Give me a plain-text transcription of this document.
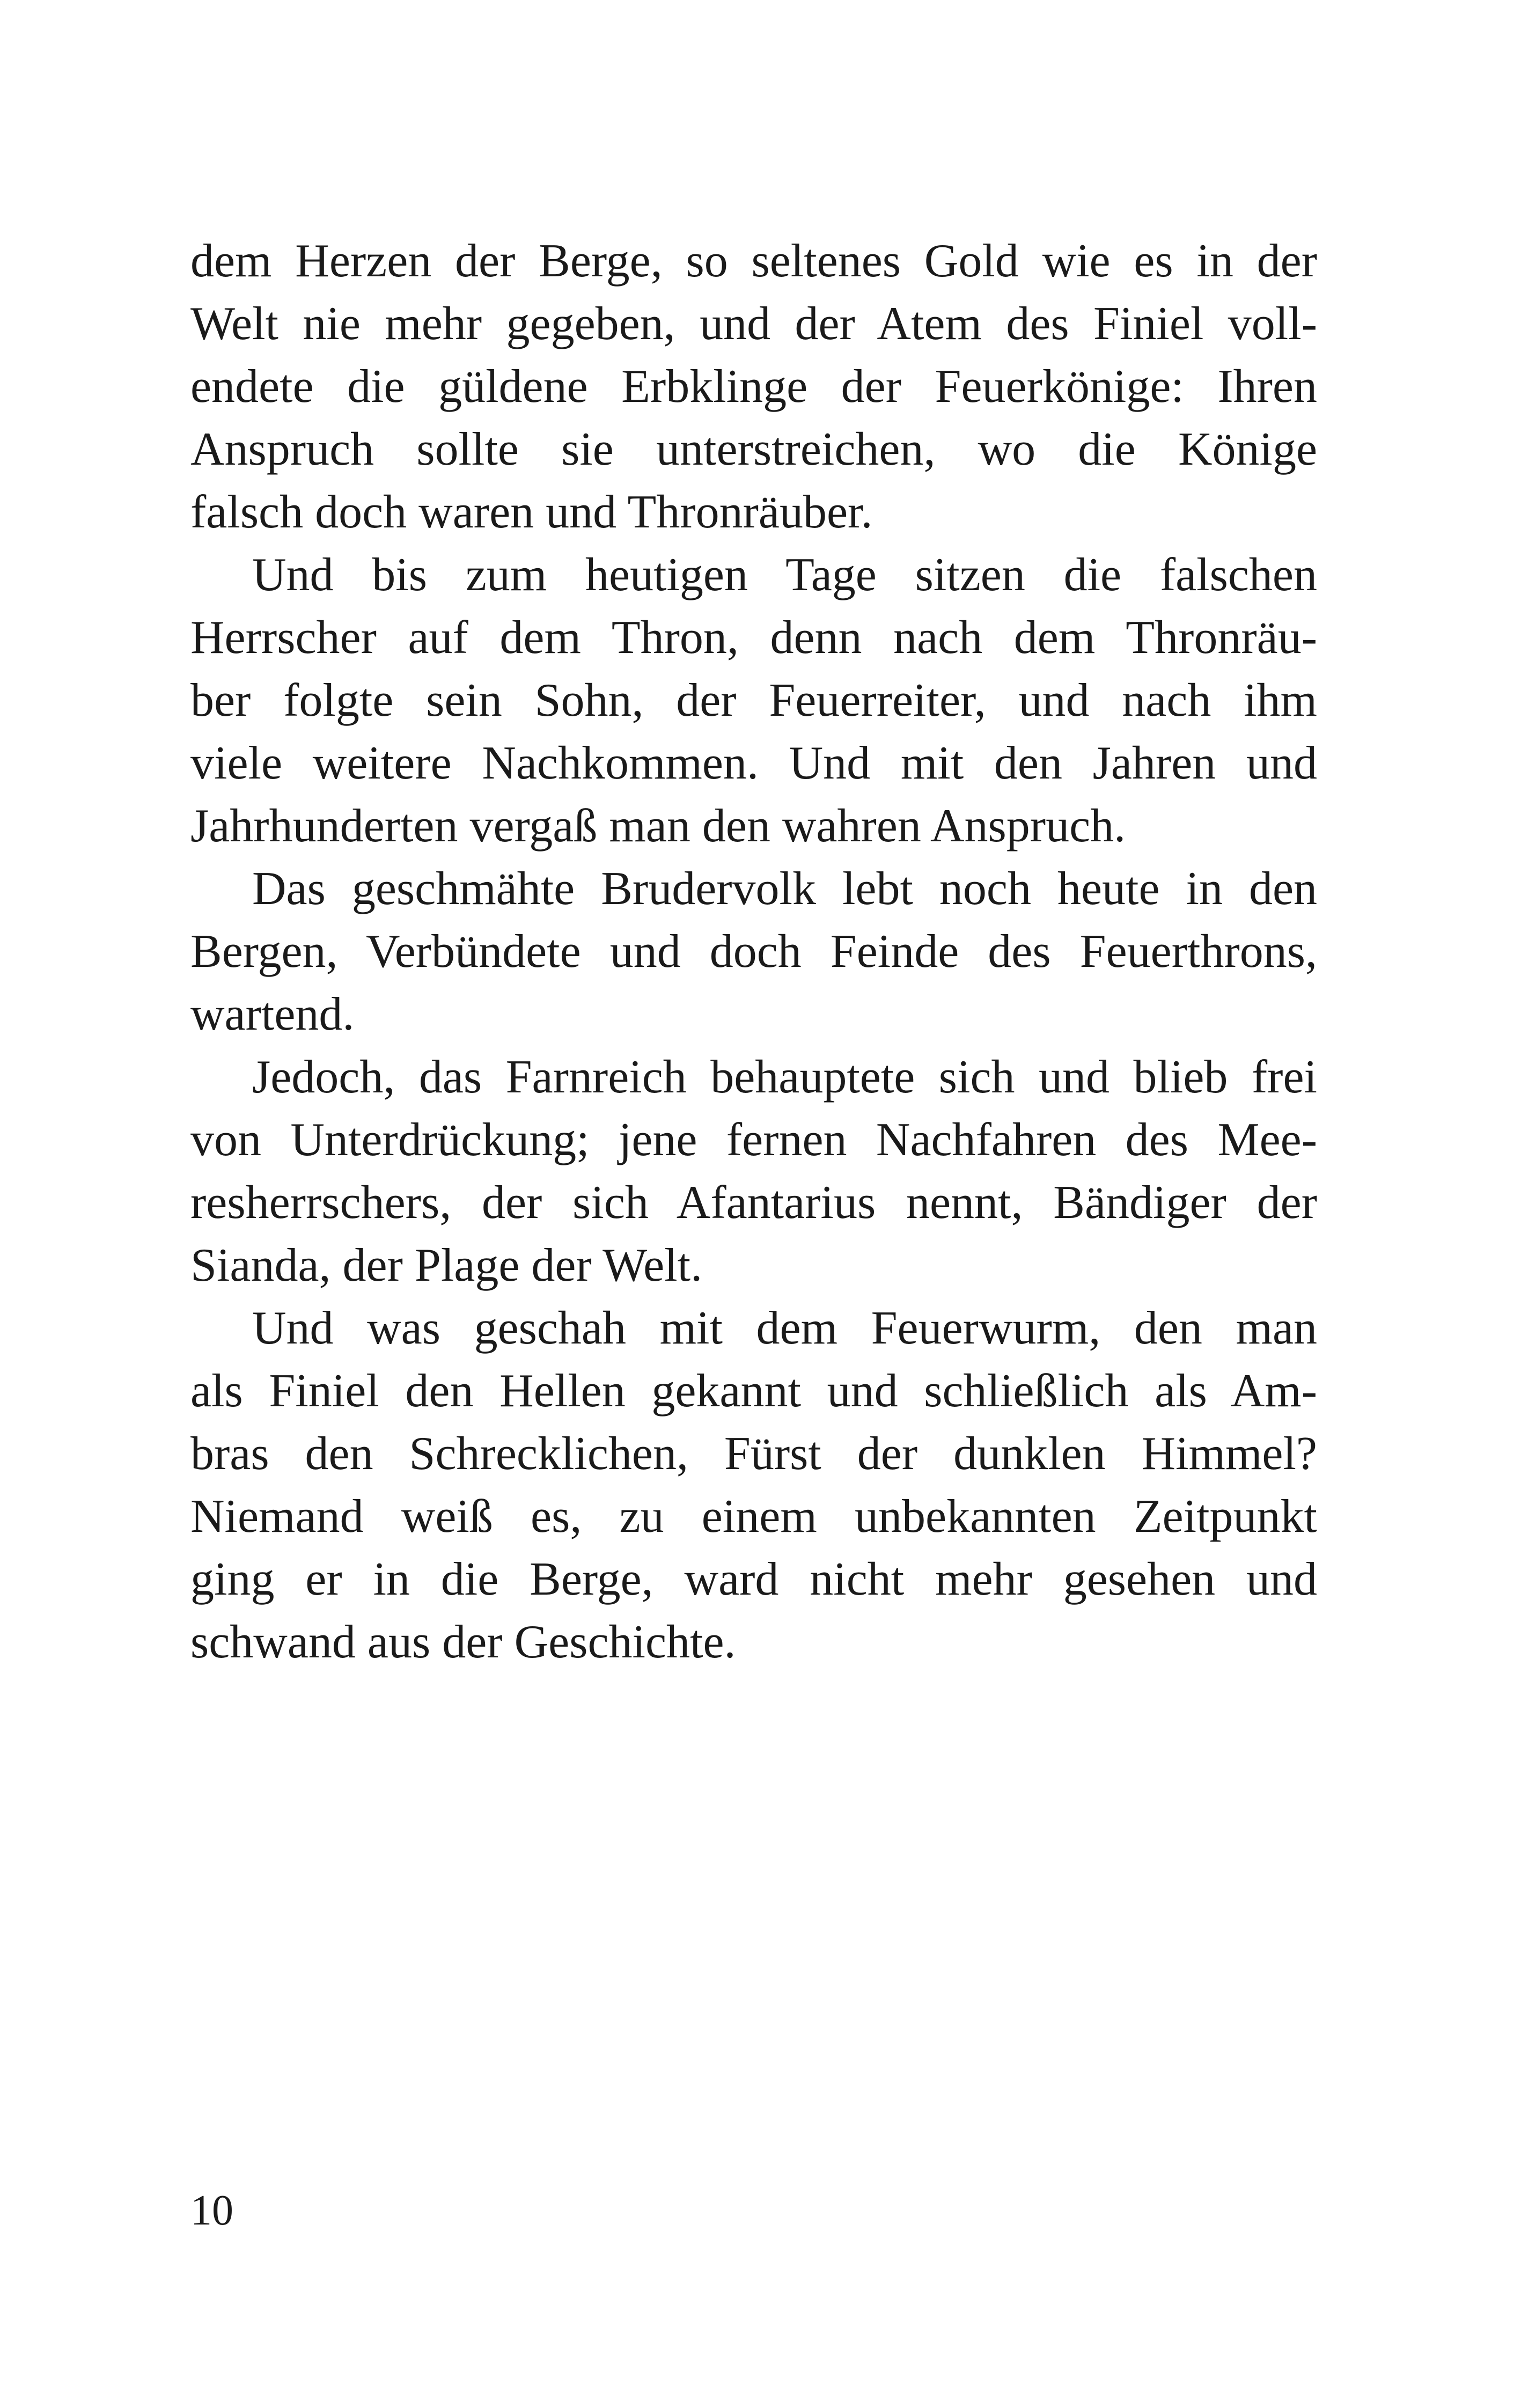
dem Herzen der Berge, so seltenes Gold wie es in der
Welt nie mehr gegeben, und der Atem des Finiel voll-
endete die güldene Erbklinge der Feuerkönige: Ihren
Anspruch sollte sie unterstreichen, wo die Könige
falsch doch waren und Thronräuber.
Und bis zum heutigen Tage sitzen die falschen
Herrscher auf dem Thron, denn nach dem Thronräu-
ber folgte sein Sohn, der Feuerreiter, und nach ihm
viele weitere Nachkommen. Und mit den Jahren und
Jahrhunderten vergaß man den wahren Anspruch.
Das geschmähte Brudervolk lebt noch heute in den
Bergen, Verbündete und doch Feinde des Feuerthrons,
wartend.
Jedoch, das Farnreich behauptete sich und blieb frei
von Unterdrückung; jene fernen Nachfahren des Mee-
resherrschers, der sich Afantarius nennt, Bändiger der
Sianda, der Plage der Welt.
Und was geschah mit dem Feuerwurm, den man
als Finiel den Hellen gekannt und schließlich als Am-
bras den Schrecklichen, Fürst der dunklen Himmel?
Niemand weiß es, zu einem unbekannten Zeitpunkt
ging er in die Berge, ward nicht mehr gesehen und
schwand aus der Geschichte.
10
